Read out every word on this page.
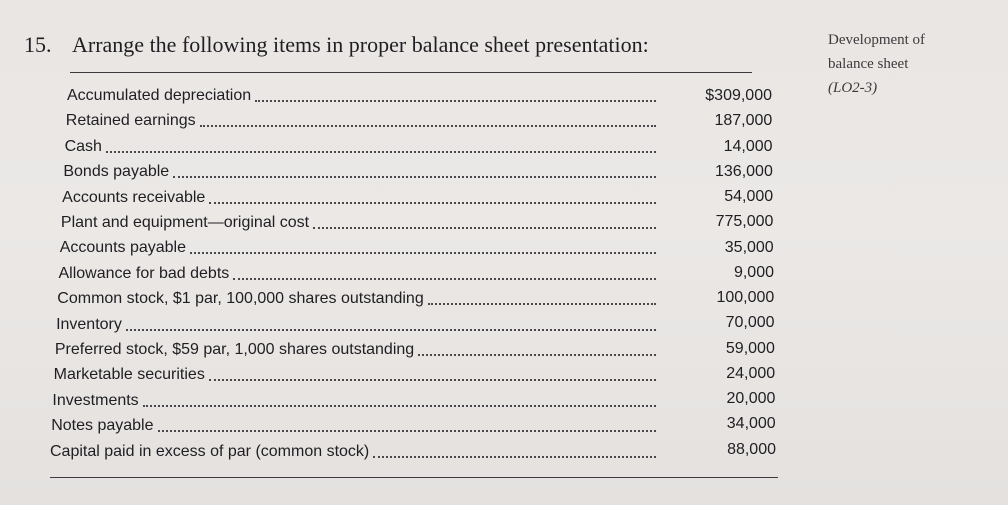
15. Arrange the following items in proper balance sheet presentation:	Development of
balance sheet
(LO2-3)
Accumulated depreciation	$309,000
Retained earnings	187,000
Cash	14,000
Bonds payable	136,000
Accounts receivable	54,000
Plant and equipment—original cost	775,000
Accounts payable	35,000
Allowance for bad debts	9,000
Common stock, $1 par, 100,000 shares outstanding	100,000
Inventory	70,000
Preferred stock, $59 par, 1,000 shares outstanding	59,000
Marketable securities	24,000
Investments	20,000
Notes payable	34,000
Capital paid in excess of par (common stock)	88,000
